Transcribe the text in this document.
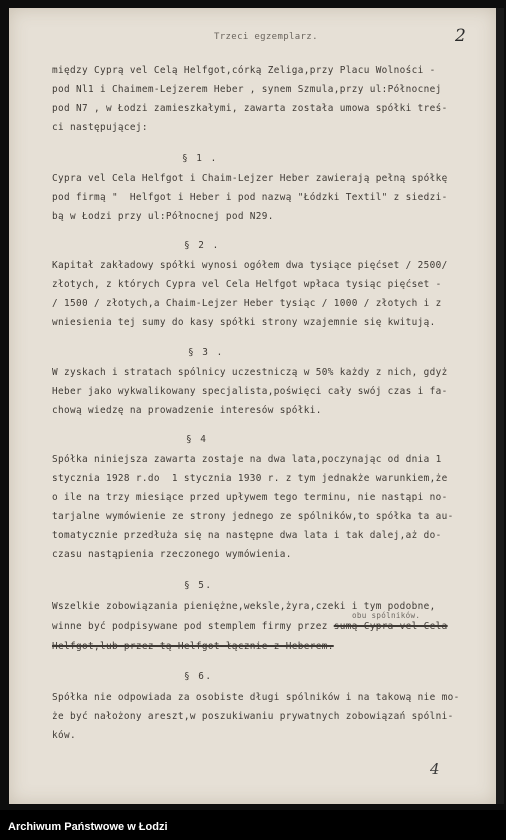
Trzeci egzemplarz.	2
między Cyprą vel Celą Helfgot,córką Zeliga,przy Placu Wolności -
pod Nl1 i Chaimem-Lejzerem Heber , synem Szmula,przy ul:Północnej
pod N7 , w Łodzi zamieszkałymi, zawarta została umowa spółki treś-
ci następującej:
§ 1 .
Cypra vel Cela Helfgot i Chaim-Lejzer Heber zawierają pełną spółkę
pod firmą "  Helfgot i Heber i pod nazwą "Łódzki Textil" z siedzi-
bą w Łodzi przy ul:Północnej pod N29.
§ 2 .
Kapitał zakładowy spółki wynosi ogółem dwa tysiące pięćset / 2500/
złotych, z których Cypra vel Cela Helfgot wpłaca tysiąc pięćset -
/ 1500 / złotych,a Chaim-Lejzer Heber tysiąc / 1000 / złotych i z
wniesienia tej sumy do kasy spółki strony wzajemnie się kwitują.
§ 3 .
W zyskach i stratach spólnicy uczestniczą w 50% każdy z nich, gdyż
Heber jako wykwalikowany specjalista,poświęci cały swój czas i fa-
chową wiedzę na prowadzenie interesów spółki.
§ 4
Spółka niniejsza zawarta zostaje na dwa lata,poczynając od dnia 1
stycznia 1928 r.do  1 stycznia 1930 r. z tym jednakże warunkiem,że
o ile na trzy miesiące przed upływem tego terminu, nie nastąpi no-
tarjalne wymówienie ze strony jednego ze spólników,to spółka ta au-
tomatycznie przedłuża się na następne dwa lata i tak dalej,aż do-
czasu nastąpienia rzeczonego wymówienia.
§ 5.
Wszelkie zobowiązania pieniężne,weksle,żyra,czeki i tym podobne,
obu spólników.
winne być podpisywane pod stemplem firmy przez sumą Cypra vel Cela
Helfgot,lub przez tą Helfgot łącznie z Heberem.
§ 6.
Spółka nie odpowiada za osobiste długi spólników i na takową nie mo-
że być nałożony areszt,w poszukiwaniu prywatnych zobowiązań spólni-
ków.
4
Archiwum Państwowe w Łodzi
